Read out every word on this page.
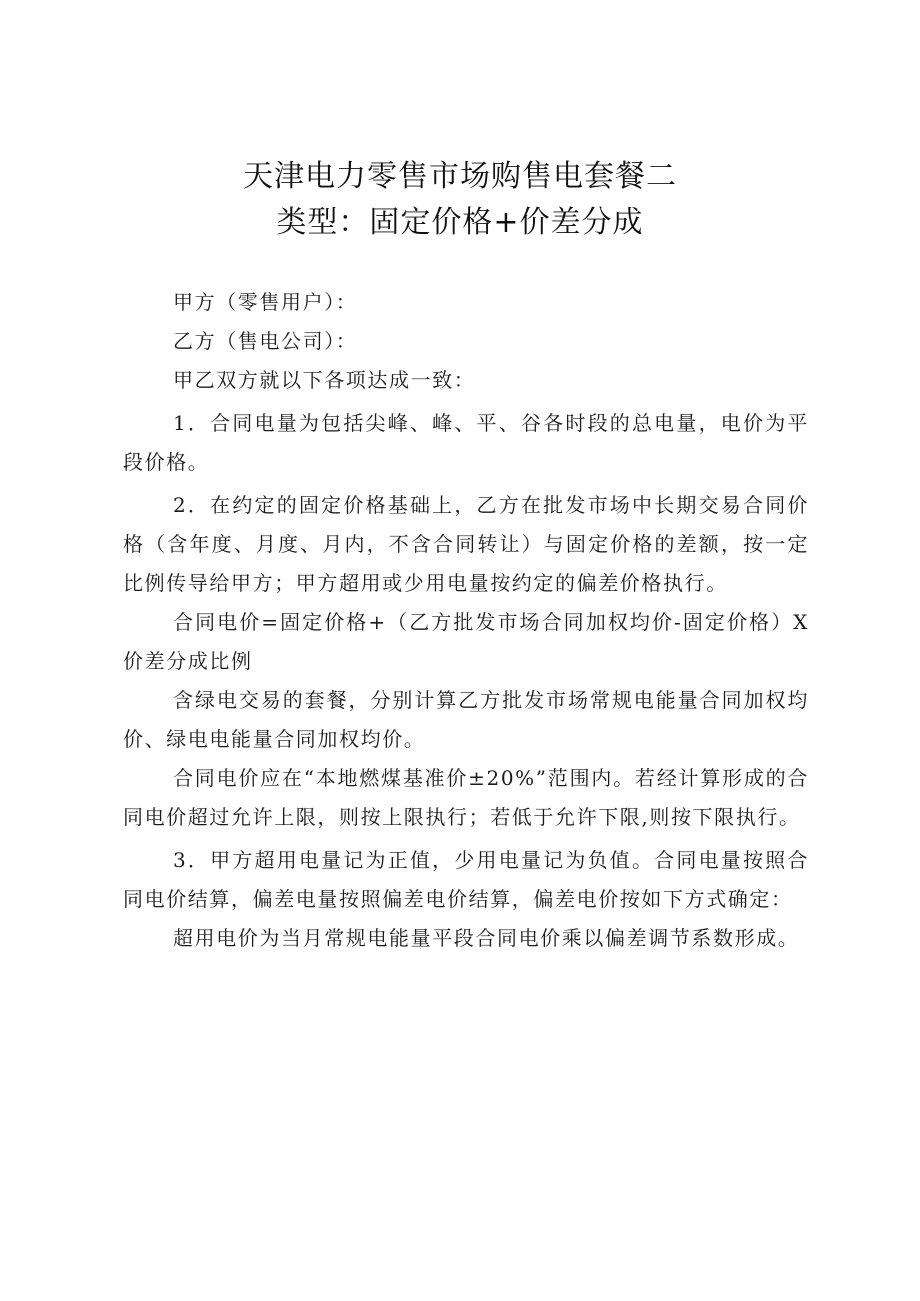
天津电力零售市场购售电套餐二
类型：固定价格+价差分成

甲方（零售用户）：

乙方（售电公司）：

甲乙双方就以下各项达成一致：

1．合同电量为包括尖峰、峰、平、谷各时段的总电量，电价为平段价格。

2．在约定的固定价格基础上，乙方在批发市场中长期交易合同价格（含年度、月度、月内，不含合同转让）与固定价格的差额，按一定比例传导给甲方；甲方超用或少用电量按约定的偏差价格执行。

合同电价=固定价格+（乙方批发市场合同加权均价-固定价格）X价差分成比例

含绿电交易的套餐，分别计算乙方批发市场常规电能量合同加权均价、绿电电能量合同加权均价。

合同电价应在“本地燃煤基准价±20%”范围内。若经计算形成的合同电价超过允许上限，则按上限执行；若低于允许下限,则按下限执行。

3．甲方超用电量记为正值，少用电量记为负值。合同电量按照合同电价结算，偏差电量按照偏差电价结算，偏差电价按如下方式确定：

超用电价为当月常规电能量平段合同电价乘以偏差调节系数形成。
